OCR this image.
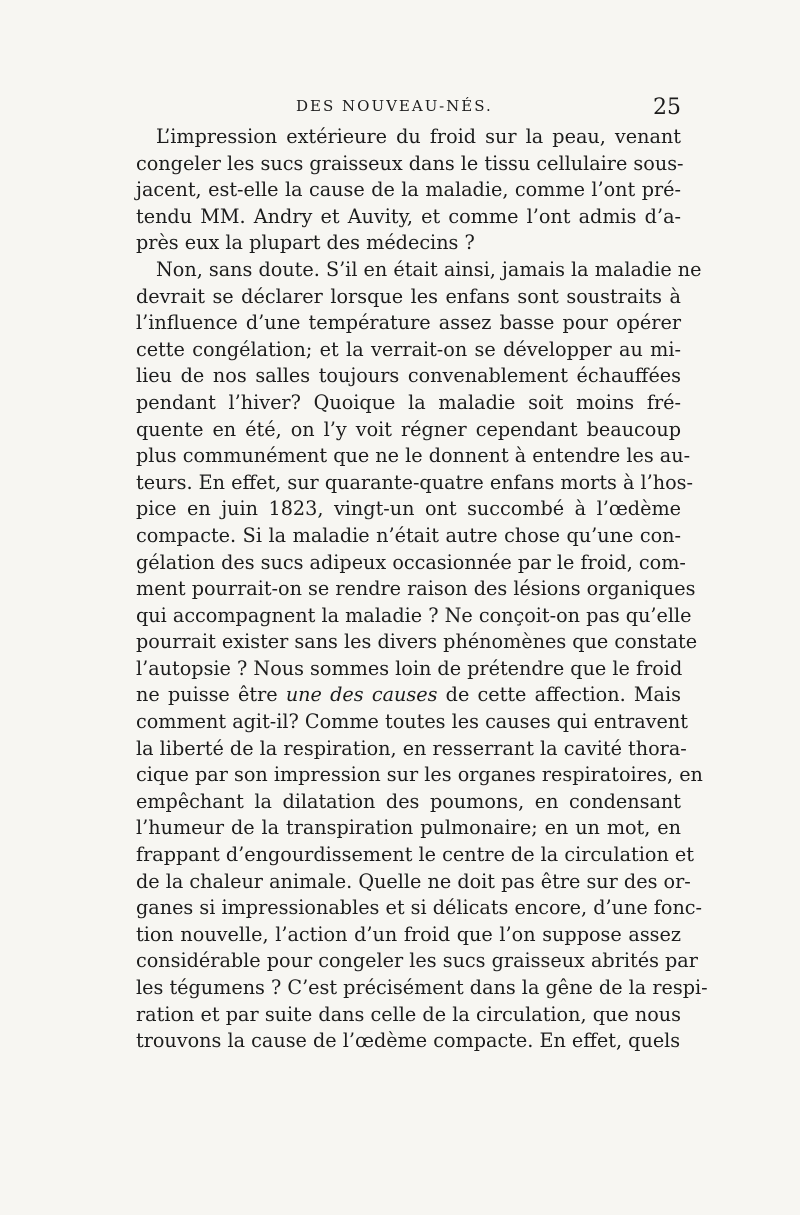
DES NOUVEAU-NÉS.	25
L’impression extérieure du froid sur la peau, venant
congeler les sucs graisseux dans le tissu cellulaire sous-
jacent, est-elle la cause de la maladie, comme l’ont pré-
tendu MM. Andry et Auvity, et comme l’ont admis d’a-
près eux la plupart des médecins ?
Non, sans doute. S’il en était ainsi, jamais la maladie ne
devrait se déclarer lorsque les enfans sont soustraits à
l’influence d’une température assez basse pour opérer
cette congélation; et la verrait-on se développer au mi-
lieu de nos salles toujours convenablement échauffées
pendant l’hiver? Quoique la maladie soit moins fré-
quente en été, on l’y voit régner cependant beaucoup
plus communément que ne le donnent à entendre les au-
teurs. En effet, sur quarante-quatre enfans morts à l’hos-
pice en juin 1823, vingt-un ont succombé à l’œdème
compacte. Si la maladie n’était autre chose qu’une con-
gélation des sucs adipeux occasionnée par le froid, com-
ment pourrait-on se rendre raison des lésions organiques
qui accompagnent la maladie ? Ne conçoit-on pas qu’elle
pourrait exister sans les divers phénomènes que constate
l’autopsie ? Nous sommes loin de prétendre que le froid
ne puisse être une des causes de cette affection. Mais
comment agit-il? Comme toutes les causes qui entravent
la liberté de la respiration, en resserrant la cavité thora-
cique par son impression sur les organes respiratoires, en
empêchant la dilatation des poumons, en condensant
l’humeur de la transpiration pulmonaire; en un mot, en
frappant d’engourdissement le centre de la circulation et
de la chaleur animale. Quelle ne doit pas être sur des or-
ganes si impressionables et si délicats encore, d’une fonc-
tion nouvelle, l’action d’un froid que l’on suppose assez
considérable pour congeler les sucs graisseux abrités par
les tégumens ? C’est précisément dans la gêne de la respi-
ration et par suite dans celle de la circulation, que nous
trouvons la cause de l’œdème compacte. En effet, quels
